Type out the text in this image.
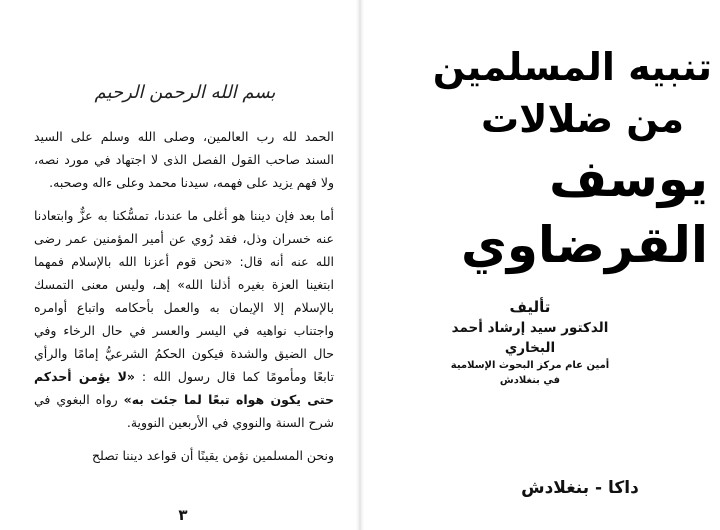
بسم الله الرحمن الرحيم

الحمد لله رب العالمين، وصلى الله وسلم على السيد السند صاحب القول الفصل الذى لا اجتهاد في مورد نصه، ولا فهم يزيد على فهمه، سيدنا محمد وعلى ءاله وصحبه.

أما بعد فإن ديننا هو أغلى ما عندنا، تمسُّكنا به عزٌّ وابتعادنا عنه خسران وذل، فقد رُوي عن أمير المؤمنين عمر رضى الله عنه أنه قال: «نحن قوم أعزنا الله بالإسلام فمهما ابتغينا العزة بغيره أذلنا الله» إهـ، وليس معنى التمسك بالإسلام إلا الإيمان به والعمل بأحكامه واتباع أوامره واجتناب نواهيه في اليسر والعسر في حال الرخاء وفي حال الضيق والشدة فيكون الحكمُ الشرعيُّ إمامًا والرأي تابعًا ومأمومًا كما قال رسول الله : «لا يؤمن أحدكم حتى يكون هواه تبعًا لما جئت به» رواه البغوي في شرح السنة والنووي في الأربعين النووية.

ونحن المسلمين نؤمن يقينًا أن قواعد ديننا تصلح

٣
تنبيه المسلمين
من ضلالات
يوسف القرضاوي
تأليف
الدكتور سيد إرشاد أحمد البخاري
أمين عام مركز البحوث الإسلامية
في بنغلادش
داكا - بنغلادش
